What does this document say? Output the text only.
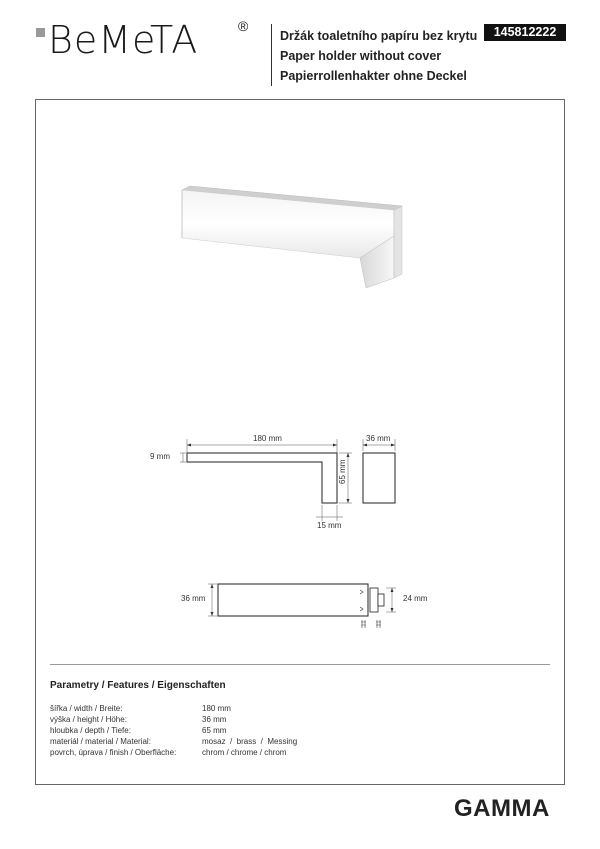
BeMeTA	®
Držák toaletního papíru bez krytu
Paper holder without cover
Papierrollenhakter ohne Deckel
145812222
180 mm	36 mm
9 mm
65 mm
15 mm
36 mm	24 mm
Parametry / Features / Eigenschaften
šířka / width / Breite:	180 mm
výška / height / Höhe:	36 mm
hloubka / depth / Tiefe:	65 mm
materiál / material / Material:	mosaz  /  brass  /  Messing
povrch, úprava / finish / Oberfläche:	chrom / chrome / chrom
GAMMA
